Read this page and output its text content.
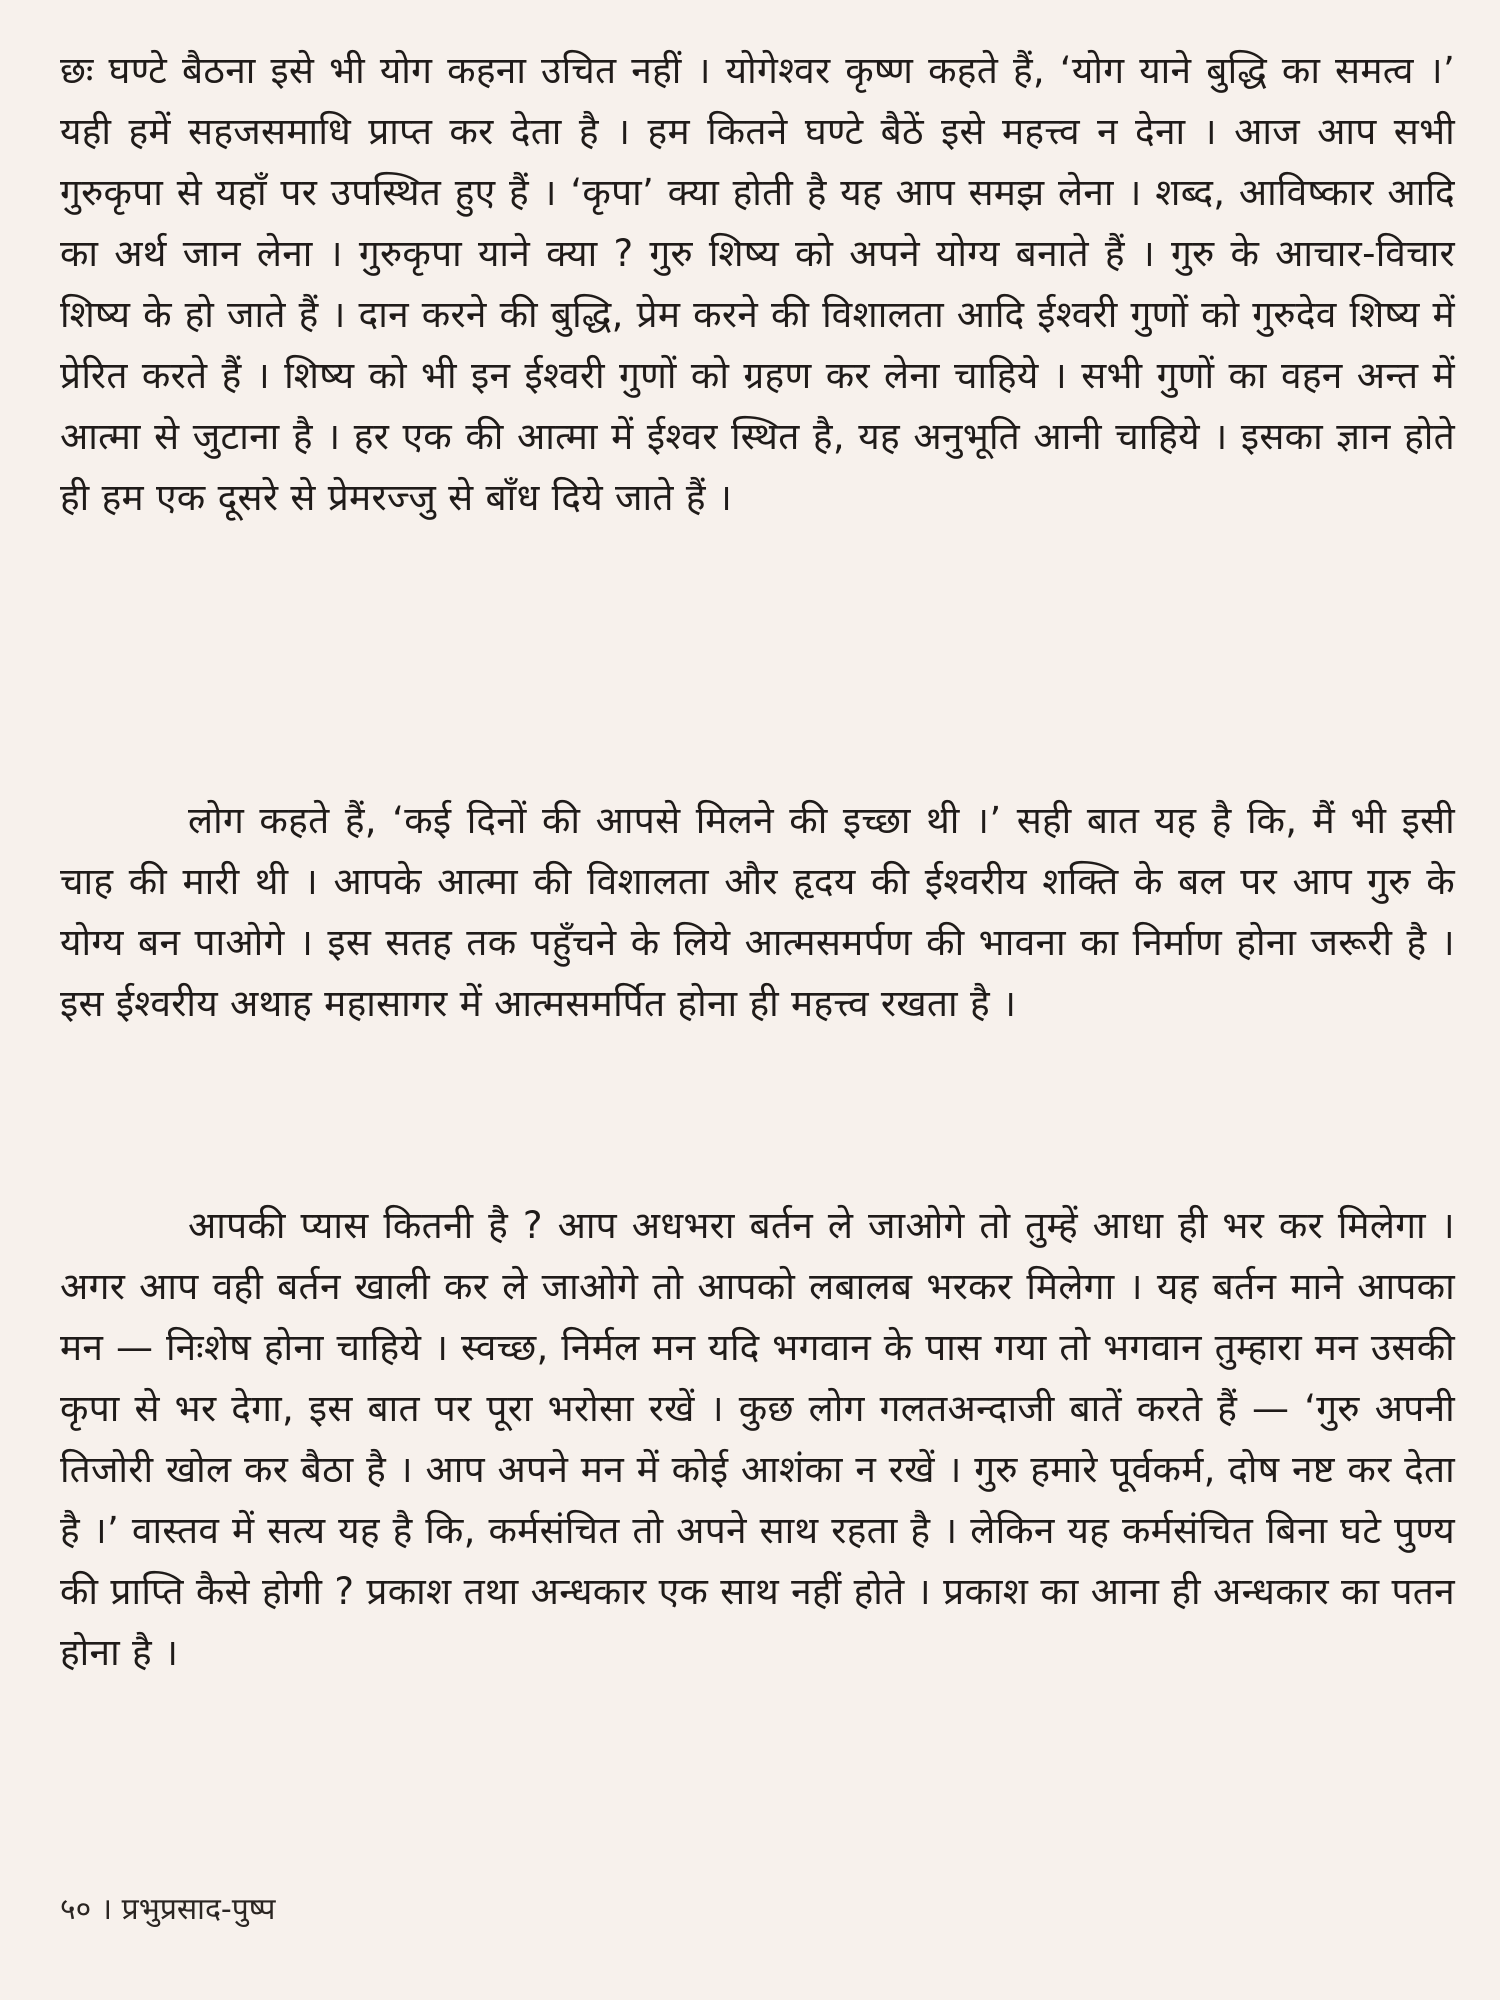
छः घण्टे बैठना इसे भी योग कहना उचित नहीं । योगेश्वर कृष्ण कहते हैं, ‘योग याने बुद्धि का समत्व ।’ यही हमें सहजसमाधि प्राप्त कर देता है । हम कितने घण्टे बैठें इसे महत्त्व न देना । आज आप सभी गुरुकृपा से यहाँ पर उपस्थित हुए हैं । ‘कृपा’ क्या होती है यह आप समझ लेना । शब्द, आविष्कार आदि का अर्थ जान लेना । गुरुकृपा याने क्या ? गुरु शिष्य को अपने योग्य बनाते हैं । गुरु के आचार-विचार शिष्य के हो जाते हैं । दान करने की बुद्धि, प्रेम करने की विशालता आदि ईश्वरी गुणों को गुरुदेव शिष्य में प्रेरित करते हैं । शिष्य को भी इन ईश्वरी गुणों को ग्रहण कर लेना चाहिये । सभी गुणों का वहन अन्त में आत्मा से जुटाना है । हर एक की आत्मा में ईश्वर स्थित है, यह अनुभूति आनी चाहिये । इसका ज्ञान होते ही हम एक दूसरे से प्रेमरज्जु से बाँध दिये जाते हैं ।

लोग कहते हैं, ‘कई दिनों की आपसे मिलने की इच्छा थी ।’ सही बात यह है कि, मैं भी इसी चाह की मारी थी । आपके आत्मा की विशालता और हृदय की ईश्वरीय शक्ति के बल पर आप गुरु के योग्य बन पाओगे । इस सतह तक पहुँचने के लिये आत्मसमर्पण की भावना का निर्माण होना जरूरी है । इस ईश्वरीय अथाह महासागर में आत्मसमर्पित होना ही महत्त्व रखता है ।

आपकी प्यास कितनी है ? आप अधभरा बर्तन ले जाओगे तो तुम्हें आधा ही भर कर मिलेगा । अगर आप वही बर्तन खाली कर ले जाओगे तो आपको लबालब भरकर मिलेगा । यह बर्तन माने आपका मन — निःशेष होना चाहिये । स्वच्छ, निर्मल मन यदि भगवान के पास गया तो भगवान तुम्हारा मन उसकी कृपा से भर देगा, इस बात पर पूरा भरोसा रखें । कुछ लोग गलतअन्दाजी बातें करते हैं — ‘गुरु अपनी तिजोरी खोल कर बैठा है । आप अपने मन में कोई आशंका न रखें । गुरु हमारे पूर्वकर्म, दोष नष्ट कर देता है ।’ वास्तव में सत्य यह है कि, कर्मसंचित तो अपने साथ रहता है । लेकिन यह कर्मसंचित बिना घटे पुण्य की प्राप्ति कैसे होगी ? प्रकाश तथा अन्धकार एक साथ नहीं होते । प्रकाश का आना ही अन्धकार का पतन होना है ।

५० । प्रभुप्रसाद-पुष्प
